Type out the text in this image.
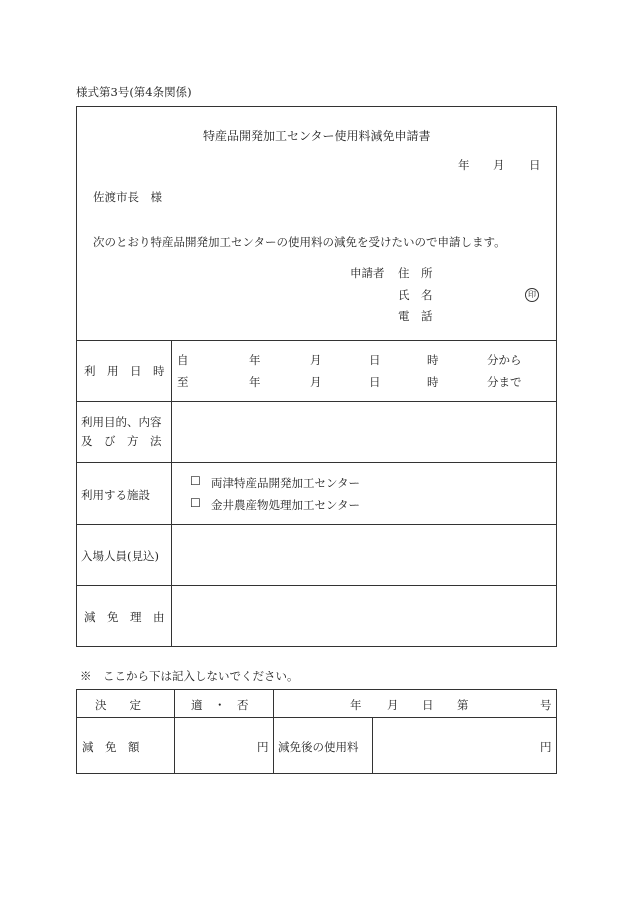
様式第3号(第4条関係)
特産品開発加工センター使用料減免申請書
年 月 日
佐渡市長　様
次のとおり特産品開発加工センターの使用料の減免を受けたいので申請します。
申請者 住　所
氏　名	印
電　話
利　用　日　時
自	年	月	日	時	分から
至	年	月	日	時	分まで
利用目的、内容
及　び　方　法
利用する施設
☐ 両津特産品開発加工センター
☐ 金井農産物処理加工センター
入場人員(見込)
減　免　理　由
※　ここから下は記入しないでください。
決　　定	適　・　否	年 月 日 第	号
減　免　額	円 減免後の使用料	円
